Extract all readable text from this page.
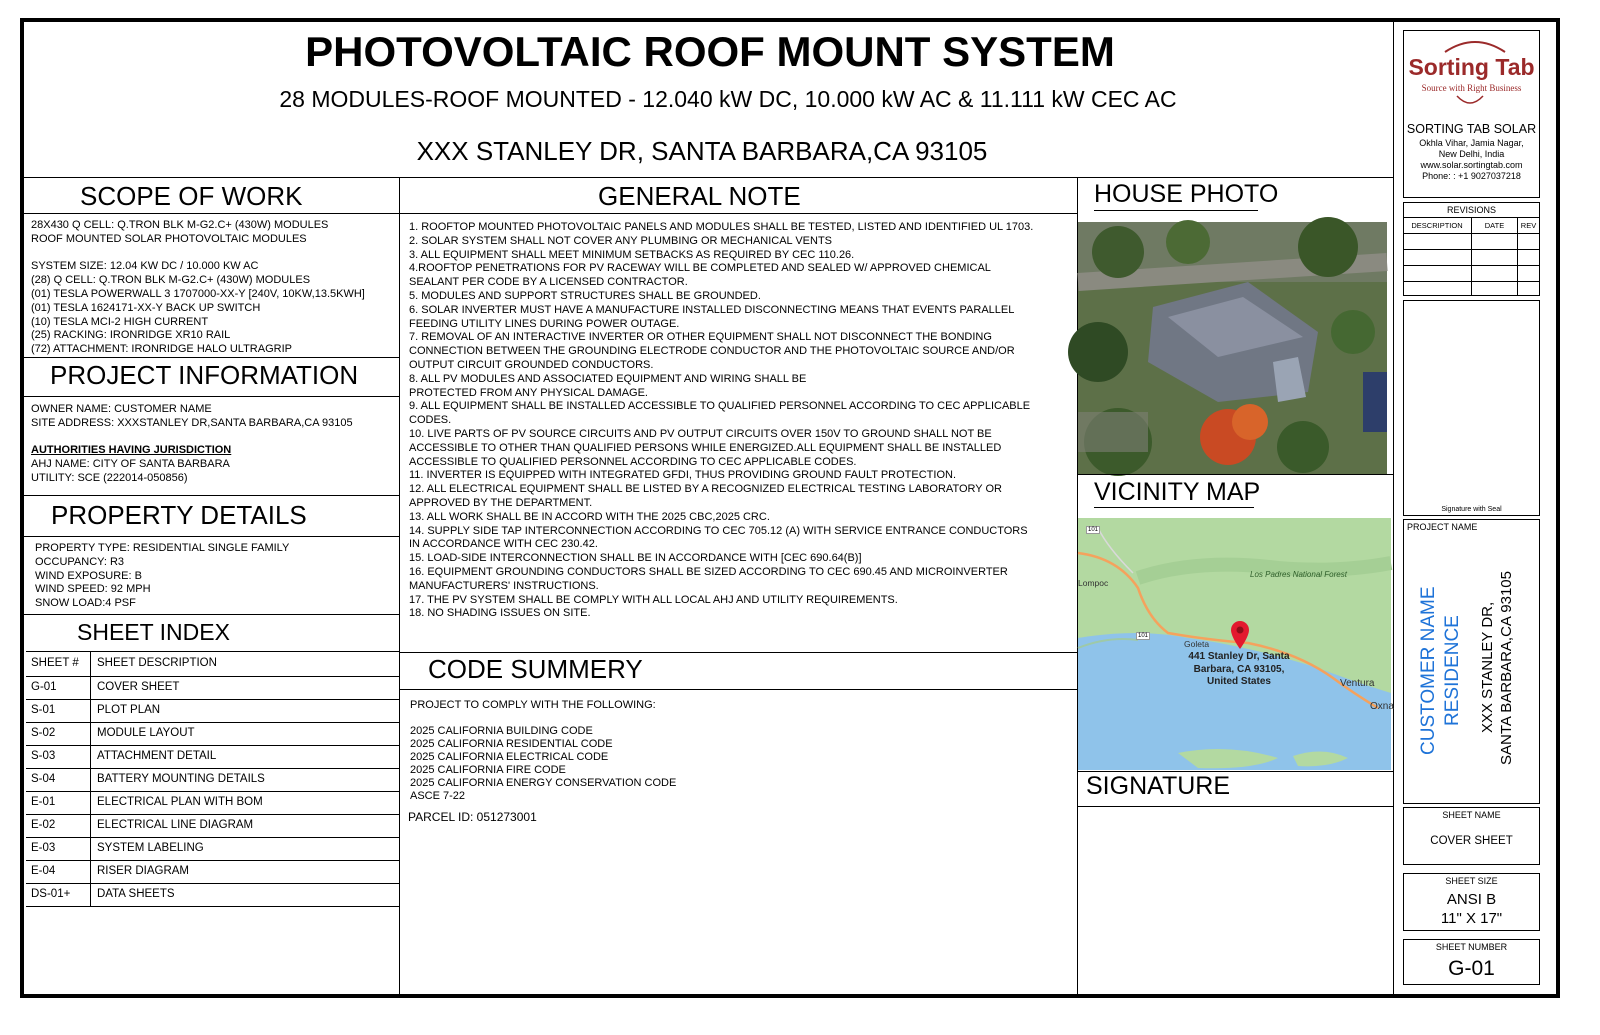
PHOTOVOLTAIC ROOF MOUNT SYSTEM
28 MODULES-ROOF MOUNTED - 12.040 kW DC, 10.000 kW AC & 11.111 kW CEC AC
XXX STANLEY DR, SANTA BARBARA,CA 93105
Sorting Tab
Source with Right Business
SORTING TAB SOLAR
Okhla Vihar, Jamia Nagar,
New Delhi, India
www.solar.sortingtab.com
Phone: : +1 9027037218
REVISIONS
DESCRIPTION	DATE	REV
Signature with Seal
PROJECT NAME
CUSTOMER NAME RESIDENCE XXX STANLEY DR, SANTA BARBARA,CA 93105
SHEET NAME
COVER SHEET
SHEET SIZE
ANSI B
11" X 17"
SHEET NUMBER
G-01
SCOPE OF WORK
28X430 Q CELL: Q.TRON BLK M-G2.C+ (430W) MODULES
ROOF MOUNTED SOLAR PHOTOVOLTAIC MODULES
SYSTEM SIZE: 12.04 KW DC / 10.000 KW AC
(28) Q CELL: Q.TRON BLK M-G2.C+ (430W) MODULES
(01) TESLA POWERWALL 3 1707000-XX-Y [240V, 10KW,13.5KWH]
(01) TESLA 1624171-XX-Y BACK UP SWITCH
(10) TESLA MCI-2 HIGH CURRENT
(25) RACKING: IRONRIDGE XR10 RAIL
(72) ATTACHMENT: IRONRIDGE HALO ULTRAGRIP
PROJECT INFORMATION
OWNER NAME: CUSTOMER NAME
SITE ADDRESS: XXXSTANLEY DR,SANTA BARBARA,CA 93105
AUTHORITIES HAVING JURISDICTION
AHJ NAME: CITY OF SANTA BARBARA
UTILITY: SCE (222014-050856)
PROPERTY DETAILS
PROPERTY TYPE: RESIDENTIAL SINGLE FAMILY
OCCUPANCY: R3
WIND EXPOSURE: B
WIND SPEED: 92 MPH
SNOW LOAD:4 PSF
SHEET INDEX
SHEET # SHEET DESCRIPTION
G-01	COVER SHEET
S-01	PLOT PLAN
S-02	MODULE LAYOUT
S-03	ATTACHMENT DETAIL
S-04	BATTERY MOUNTING DETAILS
E-01	ELECTRICAL PLAN WITH BOM
E-02	ELECTRICAL LINE DIAGRAM
E-03	SYSTEM LABELING
E-04	RISER DIAGRAM
DS-01+ DATA SHEETS
GENERAL NOTE
1. ROOFTOP MOUNTED PHOTOVOLTAIC PANELS AND MODULES SHALL BE TESTED, LISTED AND IDENTIFIED UL 1703.
2. SOLAR SYSTEM SHALL NOT COVER ANY PLUMBING OR MECHANICAL VENTS
3. ALL EQUIPMENT SHALL MEET MINIMUM SETBACKS AS REQUIRED BY CEC 110.26.
4.ROOFTOP PENETRATIONS FOR PV RACEWAY WILL BE COMPLETED AND SEALED W/ APPROVED CHEMICAL
SEALANT PER CODE BY A LICENSED CONTRACTOR.
5. MODULES AND SUPPORT STRUCTURES SHALL BE GROUNDED.
6. SOLAR INVERTER MUST HAVE A MANUFACTURE INSTALLED DISCONNECTING MEANS THAT EVENTS PARALLEL
FEEDING UTILITY LINES DURING POWER OUTAGE.
7. REMOVAL OF AN INTERACTIVE INVERTER OR OTHER EQUIPMENT SHALL NOT DISCONNECT THE BONDING
CONNECTION BETWEEN THE GROUNDING ELECTRODE CONDUCTOR AND THE PHOTOVOLTAIC SOURCE AND/OR
OUTPUT CIRCUIT GROUNDED CONDUCTORS.
8. ALL PV MODULES AND ASSOCIATED EQUIPMENT AND WIRING SHALL BE
PROTECTED FROM ANY PHYSICAL DAMAGE.
9. ALL EQUIPMENT SHALL BE INSTALLED ACCESSIBLE TO QUALIFIED PERSONNEL ACCORDING TO CEC APPLICABLE
CODES.
10. LIVE PARTS OF PV SOURCE CIRCUITS AND PV OUTPUT CIRCUITS OVER 150V TO GROUND SHALL NOT BE
ACCESSIBLE TO OTHER THAN QUALIFIED PERSONS WHILE ENERGIZED.ALL EQUIPMENT SHALL BE INSTALLED
ACCESSIBLE TO QUALIFIED PERSONNEL ACCORDING TO CEC APPLICABLE CODES.
11. INVERTER IS EQUIPPED WITH INTEGRATED GFDI, THUS PROVIDING GROUND FAULT PROTECTION.
12. ALL ELECTRICAL EQUIPMENT SHALL BE LISTED BY A RECOGNIZED ELECTRICAL TESTING LABORATORY OR
APPROVED BY THE DEPARTMENT.
13. ALL WORK SHALL BE IN ACCORD WITH THE 2025 CBC,2025 CRC.
14. SUPPLY SIDE TAP INTERCONNECTION ACCORDING TO CEC 705.12 (A) WITH SERVICE ENTRANCE CONDUCTORS
IN ACCORDANCE WITH CEC 230.42.
15. LOAD-SIDE INTERCONNECTION SHALL BE IN ACCORDANCE WITH [CEC 690.64(B)]
16. EQUIPMENT GROUNDING CONDUCTORS SHALL BE SIZED ACCORDING TO CEC 690.45 AND MICROINVERTER
MANUFACTURERS' INSTRUCTIONS.
17. THE PV SYSTEM SHALL BE COMPLY WITH ALL LOCAL AHJ AND UTILITY REQUIREMENTS.
18. NO SHADING ISSUES ON SITE.
CODE SUMMERY
PROJECT TO COMPLY WITH THE FOLLOWING:
2025 CALIFORNIA BUILDING CODE
2025 CALIFORNIA RESIDENTIAL CODE
2025 CALIFORNIA ELECTRICAL CODE
2025 CALIFORNIA FIRE CODE
2025 CALIFORNIA ENERGY CONSERVATION CODE
ASCE 7-22
PARCEL ID: 051273001
HOUSE PHOTO
VICINITY MAP
101
101
Los Padres National Forest
Lompoc
Goleta
Ventura
Oxna
441 Stanley Dr, Santa
Barbara, CA 93105,
United States
SIGNATURE
